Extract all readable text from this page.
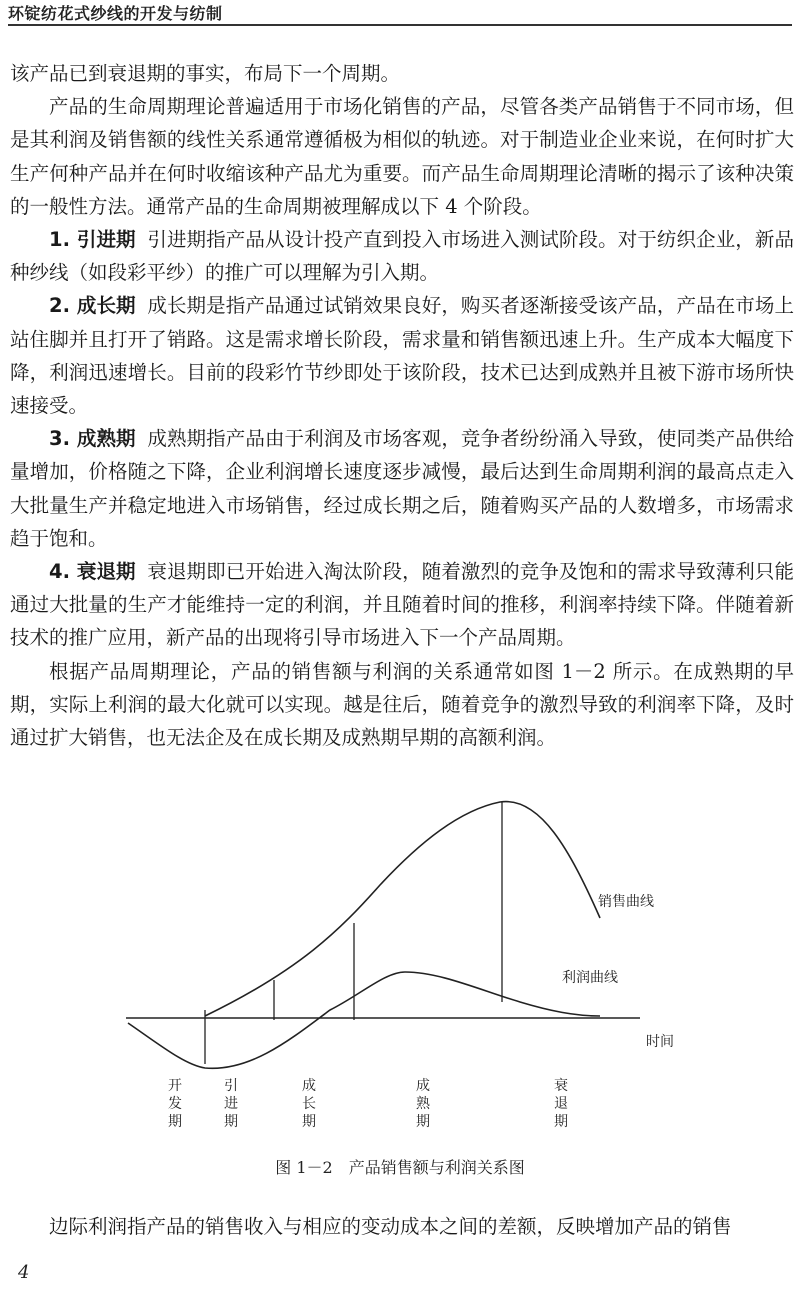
环锭纺花式纱线的开发与纺制

该产品已到衰退期的事实，布局下一个周期。

产品的生命周期理论普遍适用于市场化销售的产品，尽管各类产品销售于不同市场，但是其利润及销售额的线性关系通常遵循极为相似的轨迹。对于制造业企业来说，在何时扩大生产何种产品并在何时收缩该种产品尤为重要。而产品生命周期理论清晰的揭示了该种决策的一般性方法。通常产品的生命周期被理解成以下 4 个阶段。

1. 引进期 引进期指产品从设计投产直到投入市场进入测试阶段。对于纺织企业，新品种纱线（如段彩平纱）的推广可以理解为引入期。

2. 成长期 成长期是指产品通过试销效果良好，购买者逐渐接受该产品，产品在市场上站住脚并且打开了销路。这是需求增长阶段，需求量和销售额迅速上升。生产成本大幅度下降，利润迅速增长。目前的段彩竹节纱即处于该阶段，技术已达到成熟并且被下游市场所快速接受。

3. 成熟期 成熟期指产品由于利润及市场客观，竞争者纷纷涌入导致，使同类产品供给量增加，价格随之下降，企业利润增长速度逐步减慢，最后达到生命周期利润的最高点走入大批量生产并稳定地进入市场销售，经过成长期之后，随着购买产品的人数增多，市场需求趋于饱和。

4. 衰退期 衰退期即已开始进入淘汰阶段，随着激烈的竞争及饱和的需求导致薄利只能通过大批量的生产才能维持一定的利润，并且随着时间的推移，利润率持续下降。伴随着新技术的推广应用，新产品的出现将引导市场进入下一个产品周期。

根据产品周期理论，产品的销售额与利润的关系通常如图 1－2 所示。在成熟期的早期，实际上利润的最大化就可以实现。越是往后，随着竞争的激烈导致的利润率下降，及时通过扩大销售，也无法企及在成长期及成熟期早期的高额利润。

销售曲线
利润曲线
时间
开
发
期
引
进
期
成
长
期
成
熟
期
衰
退
期
图 1－2　产品销售额与利润关系图

边际利润指产品的销售收入与相应的变动成本之间的差额，反映增加产品的销售

4
